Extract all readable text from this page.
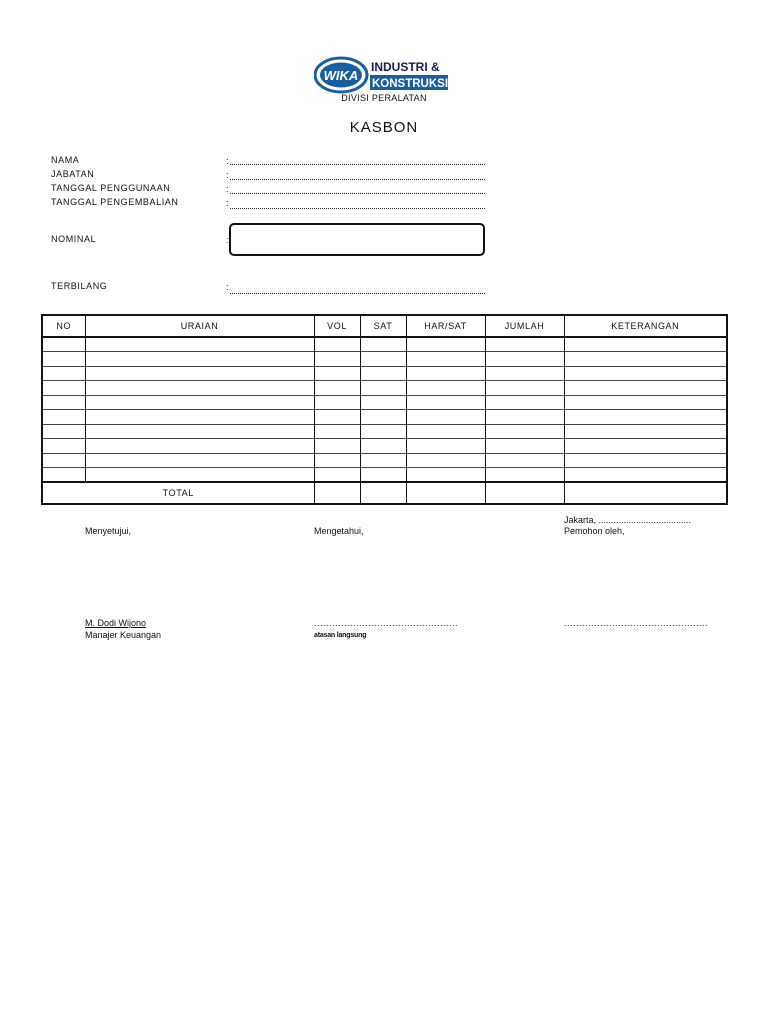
WIKA
INDUSTRI &
KONSTRUKSI
DIVISI PERALATAN
KASBON
NAMA	:
JABATAN	:
TANGGAL PENGGUNAAN	:
TANGGAL PENGEMBALIAN	:
NOMINAL	:
TERBILANG	:
NO	URAIAN	VOL	SAT	HAR/SAT	JUMLAH	KETERANGAN

TOTAL						
Jakarta, .....................................
Menyetujui,	Mengetahui,	Pemohon oleh,
M. Dodi Wijono	................................................	................................................
Manajer Keuangan	atasan langsung
